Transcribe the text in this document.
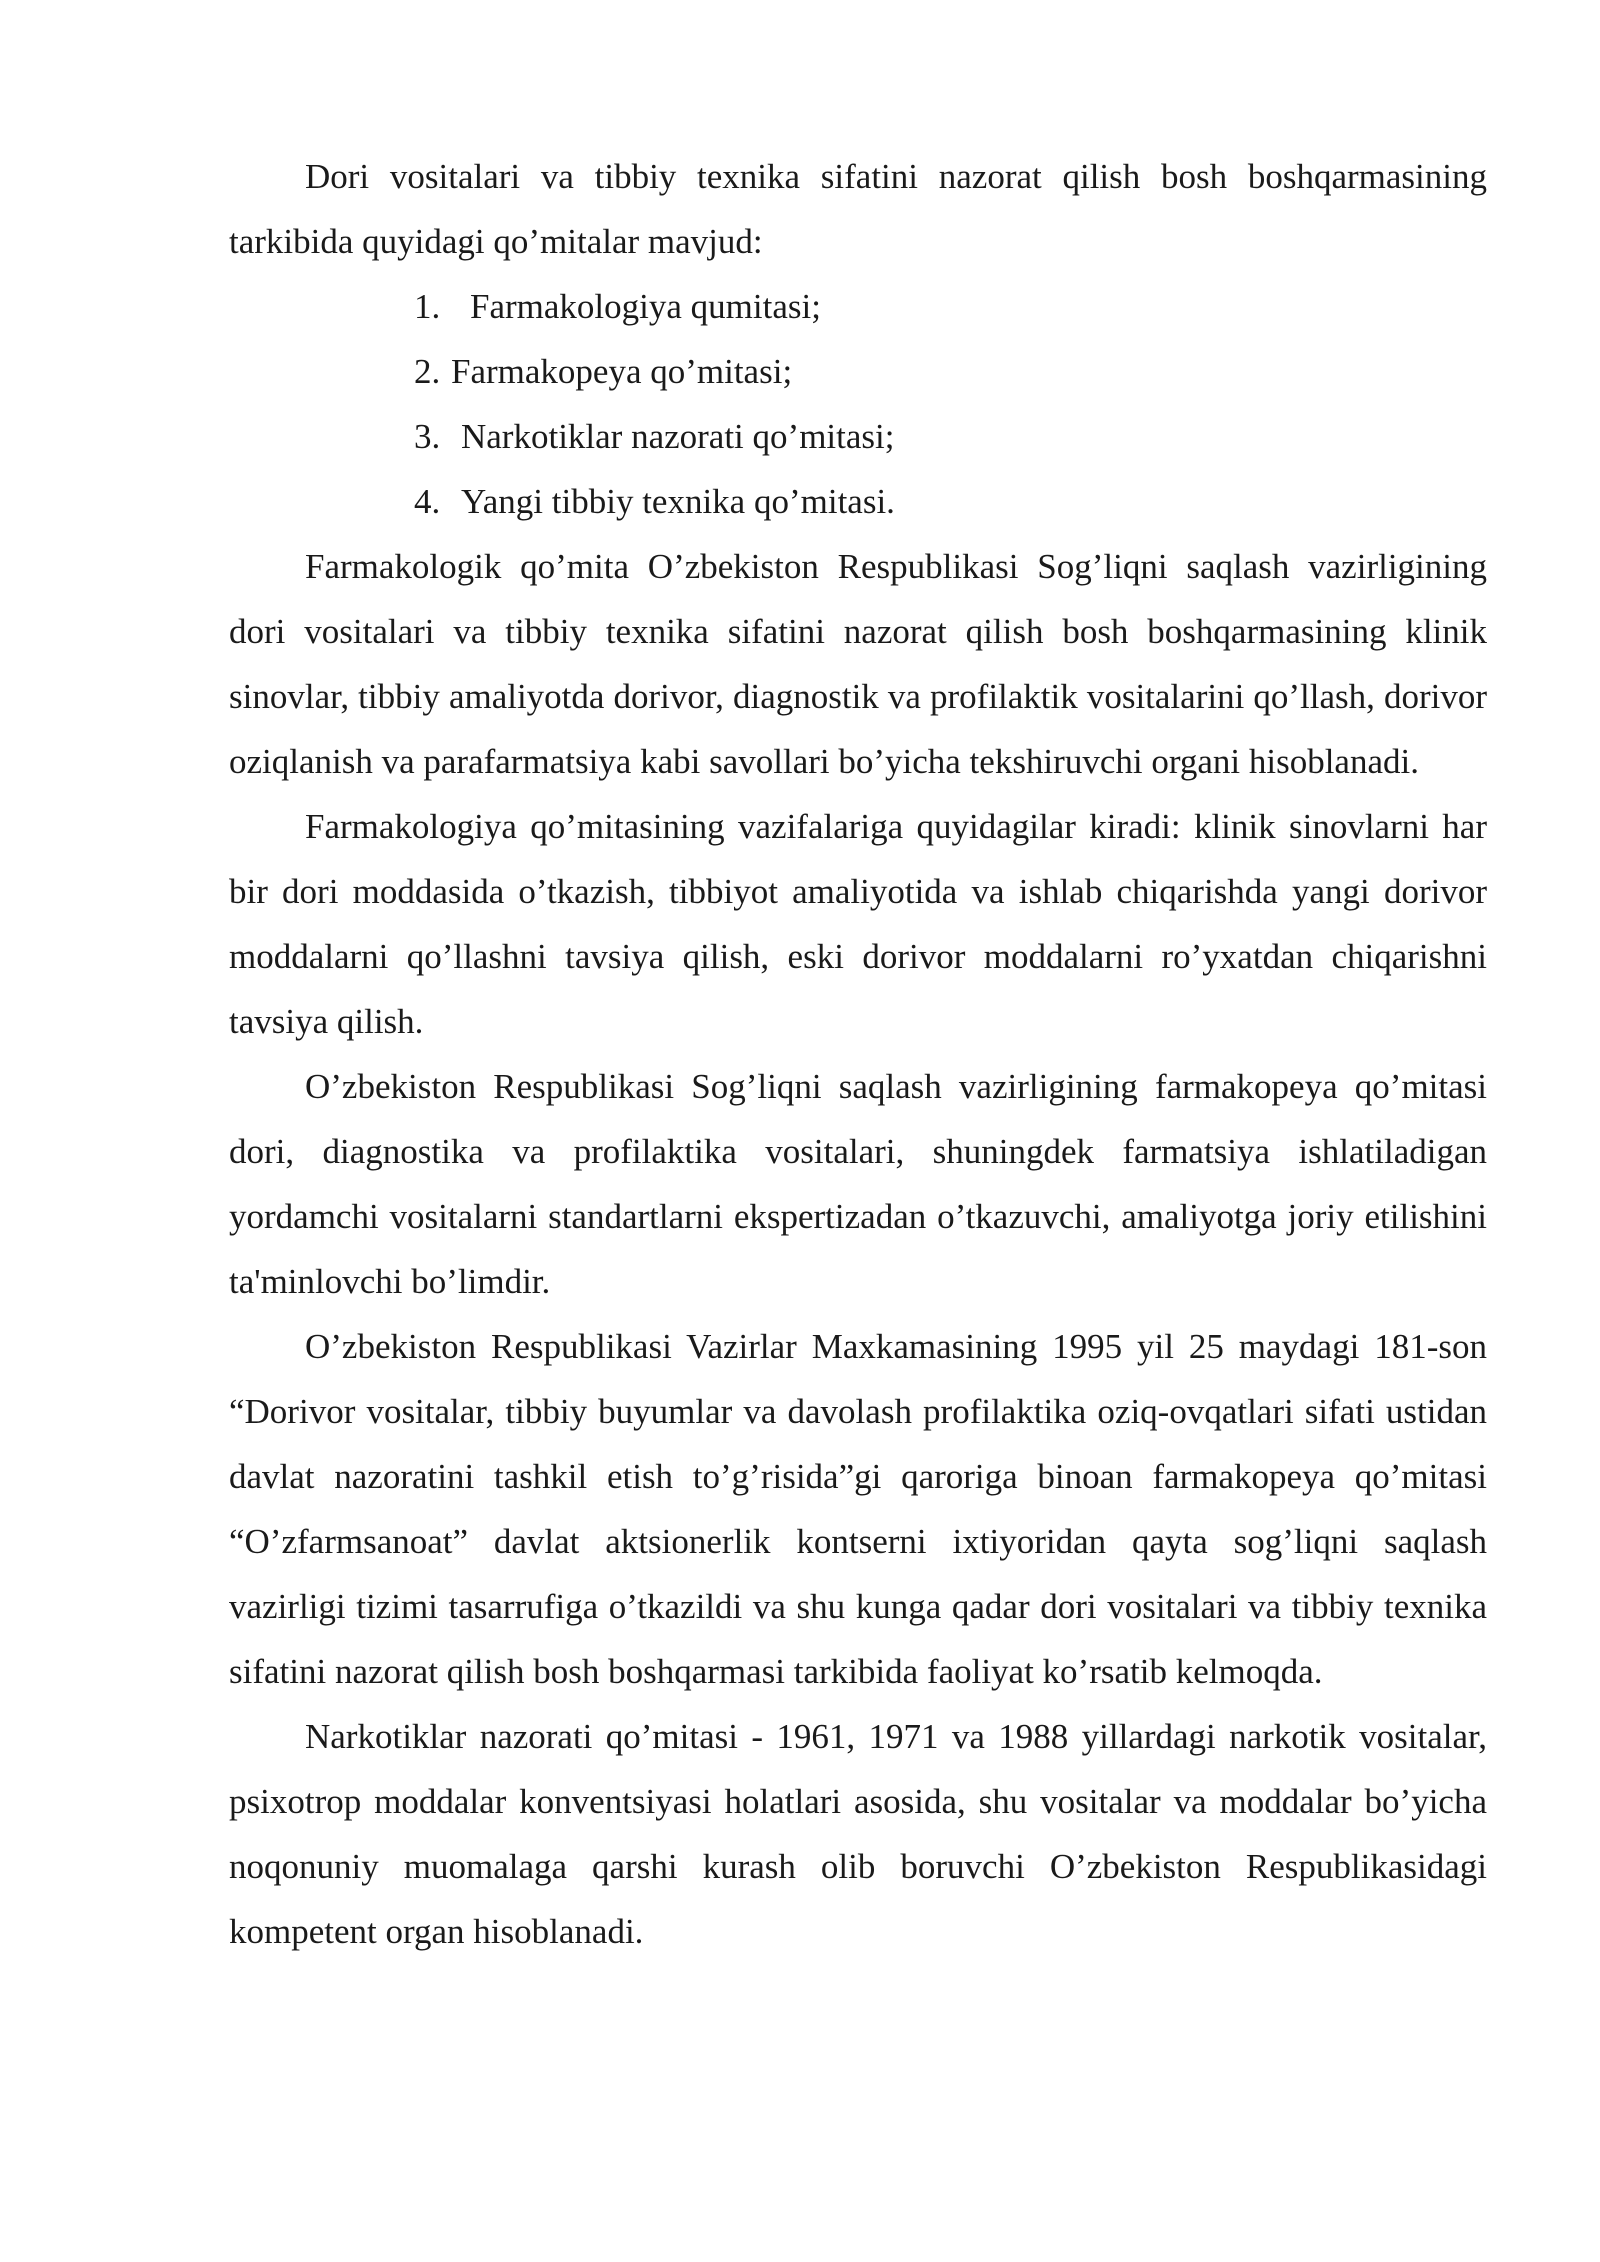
Dori vositalari va tibbiy texnika sifatini nazorat qilish bosh boshqarmasining tarkibida quyidagi qo’mitalar mavjud:

1. Farmakologiya qumitasi;
2. Farmakopeya qo’mitasi;
3. Narkotiklar nazorati qo’mitasi;
4. Yangi tibbiy texnika qo’mitasi.

Farmakologik qo’mita O’zbekiston Respublikasi Sog’liqni saqlash vazirligining dori vositalari va tibbiy texnika sifatini nazorat qilish bosh boshqarmasining klinik sinovlar, tibbiy amaliyotda dorivor, diagnostik va profilaktik vositalarini qo’llash, dorivor oziqlanish va parafarmatsiya kabi savollari bo’yicha tekshiruvchi organi hisoblanadi.

Farmakologiya qo’mitasining vazifalariga quyidagilar kiradi: klinik sinovlarni har bir dori moddasida o’tkazish, tibbiyot amaliyotida va ishlab chiqarishda yangi dorivor moddalarni qo’llashni tavsiya qilish, eski dorivor moddalarni ro’yxatdan chiqarishni tavsiya qilish.

O’zbekiston Respublikasi Sog’liqni saqlash vazirligining farmakopeya qo’mitasi dori, diagnostika va profilaktika vositalari, shuningdek farmatsiya ishlatiladigan yordamchi vositalarni standartlarni ekspertizadan o’tkazuvchi, amaliyotga joriy etilishini ta'minlovchi bo’limdir.

O’zbekiston Respublikasi Vazirlar Maxkamasining 1995 yil 25 maydagi 181-son “Dorivor vositalar, tibbiy buyumlar va davolash profilaktika oziq-ovqatlari sifati ustidan davlat nazoratini tashkil etish to’g’risida”gi qaroriga binoan farmakopeya qo’mitasi “O’zfarmsanoat” davlat aktsionerlik kontserni ixtiyoridan qayta sog’liqni saqlash vazirligi tizimi tasarrufiga o’tkazildi va shu kunga qadar dori vositalari va tibbiy texnika sifatini nazorat qilish bosh boshqarmasi tarkibida faoliyat ko’rsatib kelmoqda.

Narkotiklar nazorati qo’mitasi - 1961, 1971 va 1988 yillardagi narkotik vositalar, psixotrop moddalar konventsiyasi holatlari asosida, shu vositalar va moddalar bo’yicha noqonuniy muomalaga qarshi kurash olib boruvchi O’zbekiston Respublikasidagi kompetent organ hisoblanadi.
